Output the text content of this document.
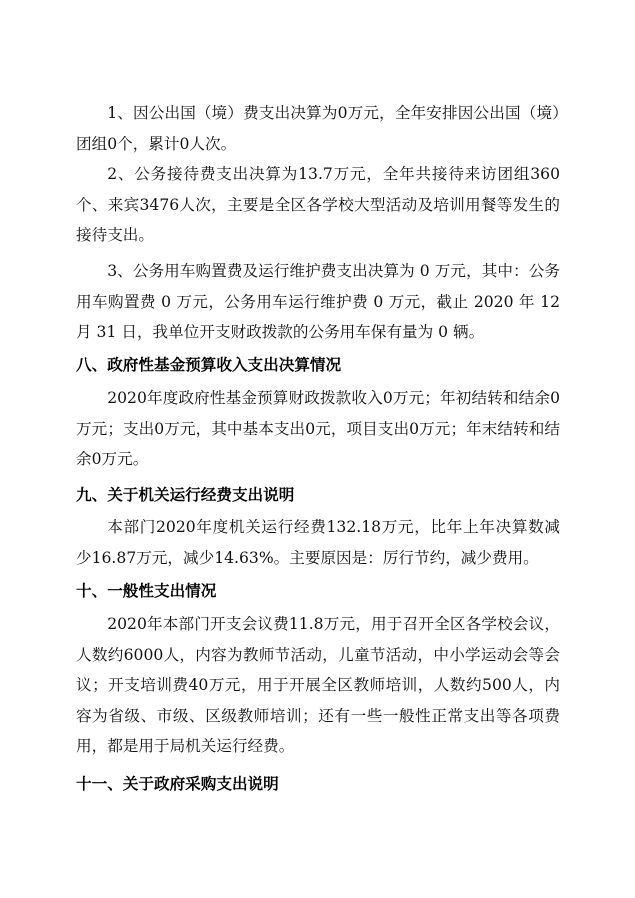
1、因公出国（境）费支出决算为0万元，全年安排因公出国（境）团组0个，累计0人次。

2、公务接待费支出决算为13.7万元，全年共接待来访团组360个、来宾3476人次，主要是全区各学校大型活动及培训用餐等发生的接待支出。

3、公务用车购置费及运行维护费支出决算为 0 万元，其中：公务用车购置费 0 万元，公务用车运行维护费 0 万元，截止 2020 年 12 月 31 日，我单位开支财政拨款的公务用车保有量为 0 辆。

八、政府性基金预算收入支出决算情况

2020年度政府性基金预算财政拨款收入0万元；年初结转和结余0万元；支出0万元，其中基本支出0元，项目支出0万元；年末结转和结余0万元。

九、关于机关运行经费支出说明

本部门2020年度机关运行经费132.18万元，比年上年决算数减少16.87万元，减少14.63%。主要原因是：厉行节约，减少费用。

十、一般性支出情况

2020年本部门开支会议费11.8万元，用于召开全区各学校会议，人数约6000人，内容为教师节活动，儿童节活动，中小学运动会等会议；开支培训费40万元，用于开展全区教师培训，人数约500人，内容为省级、市级、区级教师培训；还有一些一般性正常支出等各项费用，都是用于局机关运行经费。

十一、关于政府采购支出说明
